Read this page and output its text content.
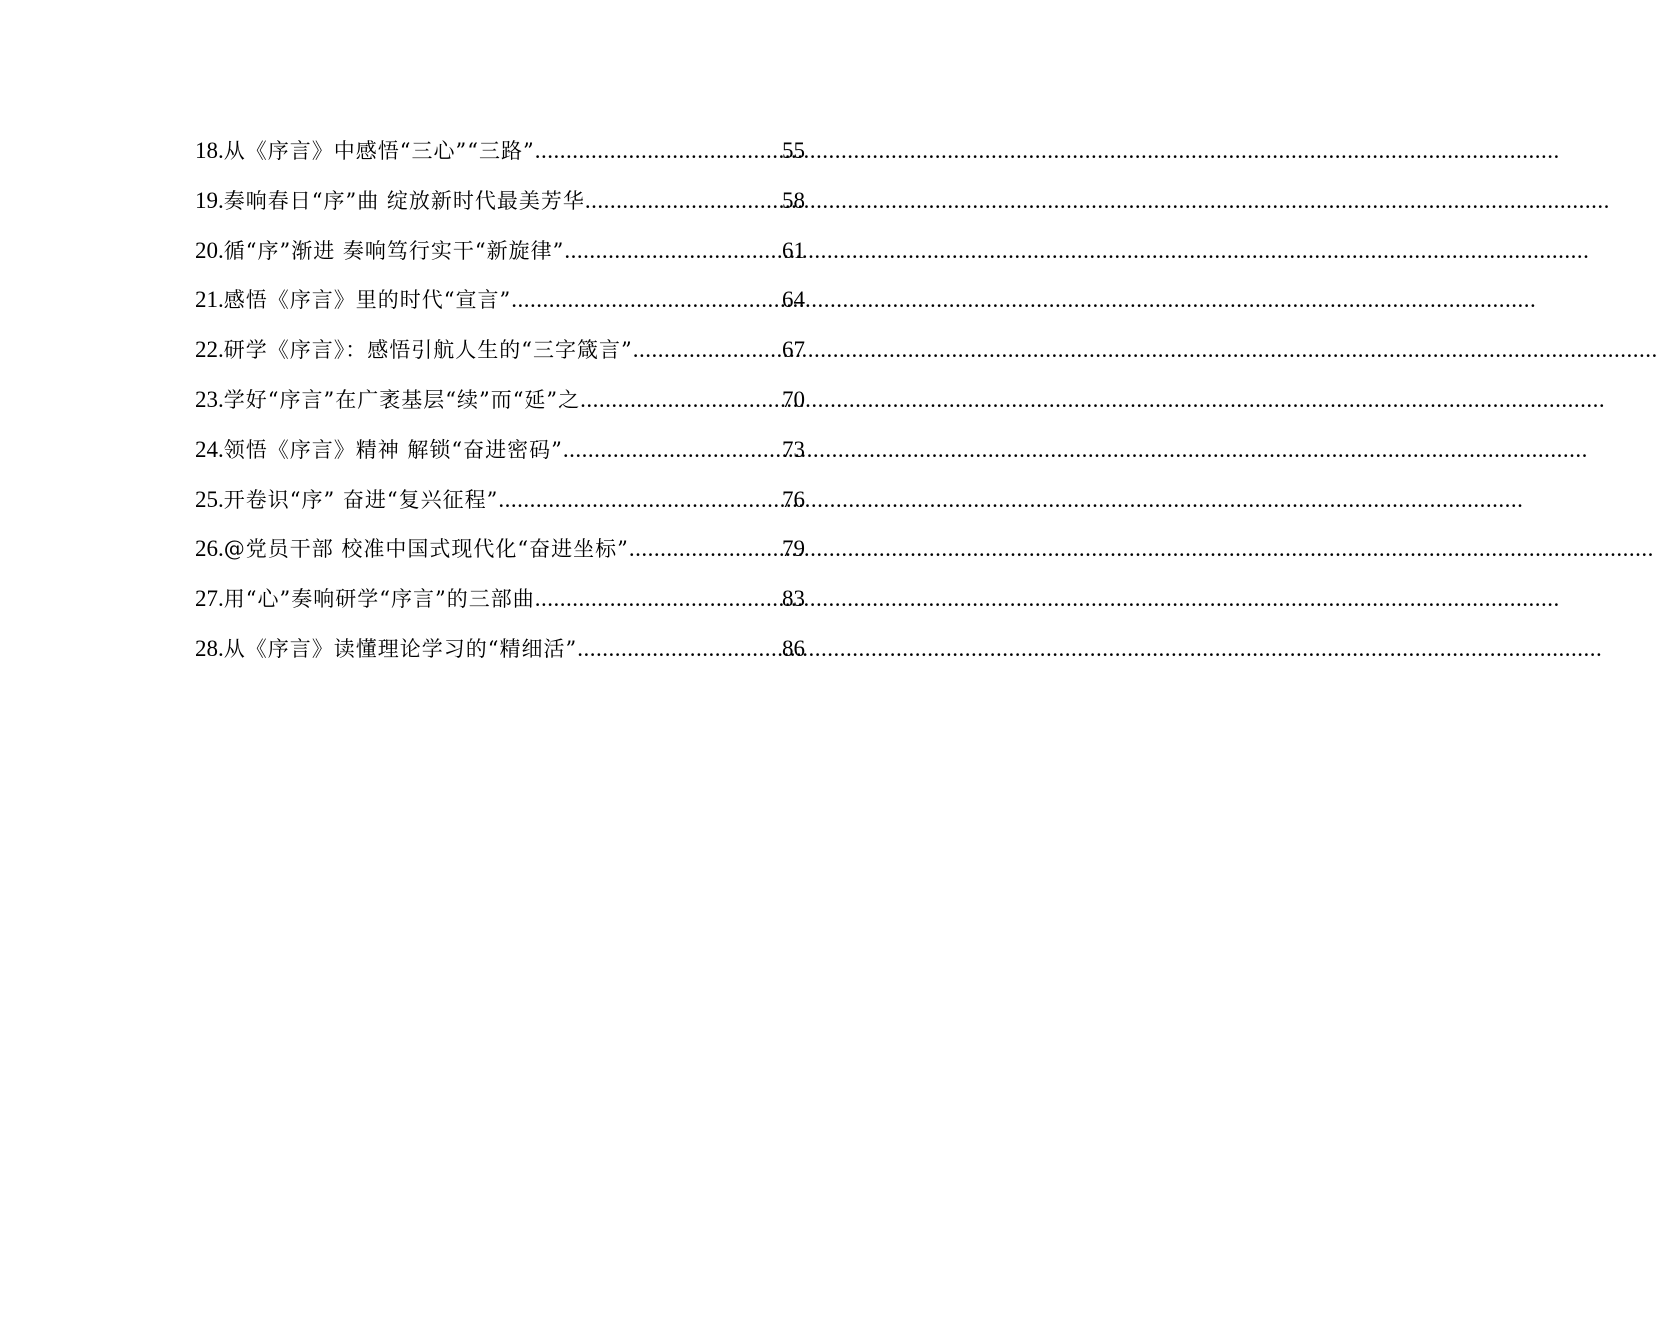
18. 从《序言》中感悟“三心”“三路” .....	55
19. 奏响春日“序”曲 绽放新时代最美芳华 .....	58
20. 循“序”渐进 奏响笃行实干“新旋律” .....	61
21. 感悟《序言》里的时代“宣言” .....	64
22. 研学《序言》：感悟引航人生的“三字箴言” .....	67
23. 学好“序言”在广袤基层“续”而“延”之 .....	70
24. 领悟《序言》精神 解锁“奋进密码” .....	73
25. 开卷识“序” 奋进“复兴征程” .....	76
26. @党员干部 校准中国式现代化“奋进坐标” .....	79
27. 用“心”奏响研学“序言”的三部曲 .....	83
28. 从《序言》读懂理论学习的“精细活” .....	86
